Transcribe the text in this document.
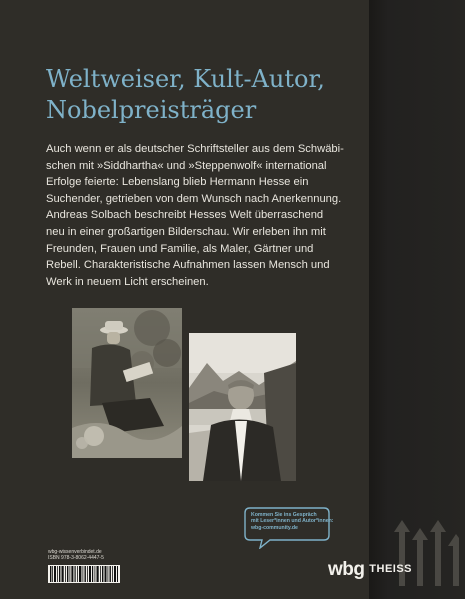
Weltweiser, Kult-Autor,
Nobelpreisträger

Auch wenn er als deutscher Schriftsteller aus dem Schwäbi-
schen mit »Siddhartha« und »Steppenwolf« international
Erfolge feierte: Lebenslang blieb Hermann Hesse ein
Suchender, getrieben von dem Wunsch nach Anerkennung.
Andreas Solbach beschreibt Hesses Welt überraschend
neu in einer großartigen Bilderschau. Wir erleben ihn mit
Freunden, Frauen und Familie, als Maler, Gärtner und
Rebell. Charakteristische Aufnahmen lassen Mensch und
Werk in neuem Licht erscheinen.

wbg-wissenverbindet.de
ISBN 978-3-8062-4447-5
Kommen Sie ins Gespräch
mit Leser*innen und Autor*innen:
wbg-community.de
wbg $^{THEISS}$
